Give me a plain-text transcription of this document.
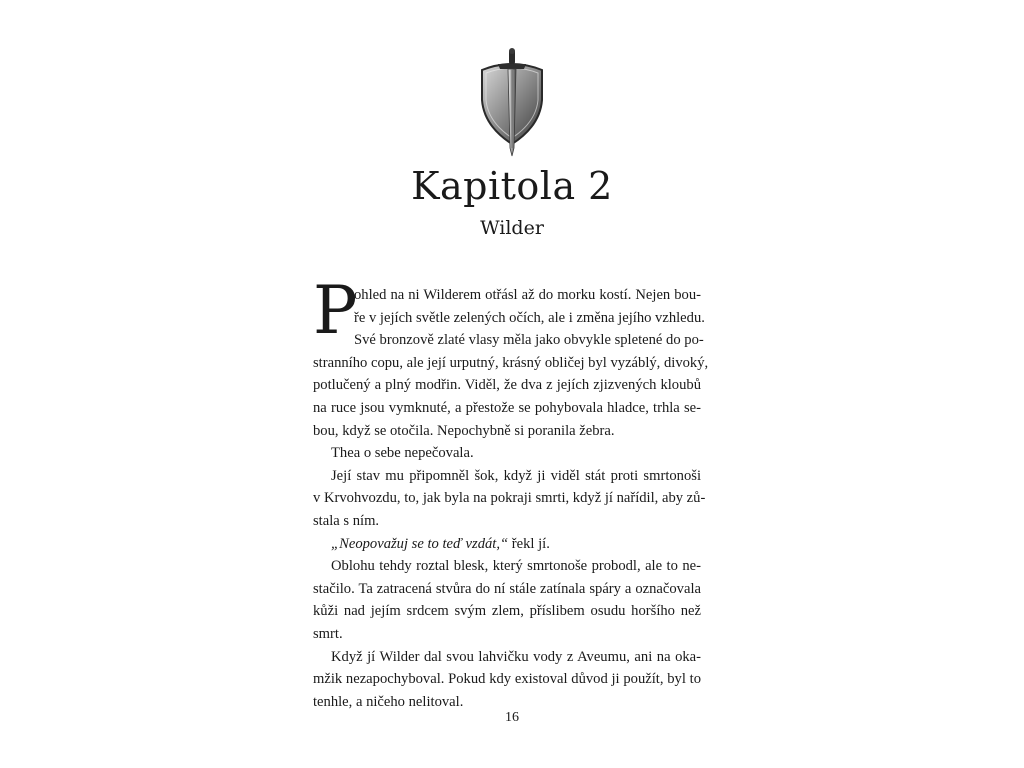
Kapitola 2
Wilder
P
ohled na ni Wilderem otřásl až do morku kostí. Nejen bou-
ře v jejích světle zelených očích, ale i změna jejího vzhledu.
Své bronzově zlaté vlasy měla jako obvykle spletené do po-
stranního copu, ale její urputný, krásný obličej byl vyzáblý, divoký,
potlučený a plný modřin. Viděl, že dva z jejích zjizvených kloubů
na ruce jsou vymknuté, a přestože se pohybovala hladce, trhla se-
bou, když se otočila. Nepochybně si poranila žebra.
Thea o sebe nepečovala.
Její stav mu připomněl šok, když ji viděl stát proti smrtonoši
v Krvohvozdu, to, jak byla na pokraji smrti, když jí nařídil, aby zů-
stala s ním.
„Neopovažuj se to teď vzdát,“ řekl jí.
Oblohu tehdy roztal blesk, který smrtonoše probodl, ale to ne-
stačilo. Ta zatracená stvůra do ní stále zatínala spáry a označovala
kůži nad jejím srdcem svým zlem, příslibem osudu horšího než
smrt.
Když jí Wilder dal svou lahvičku vody z Aveumu, ani na oka-
mžik nezapochyboval. Pokud kdy existoval důvod ji použít, byl to
tenhle, a ničeho nelitoval.
16
